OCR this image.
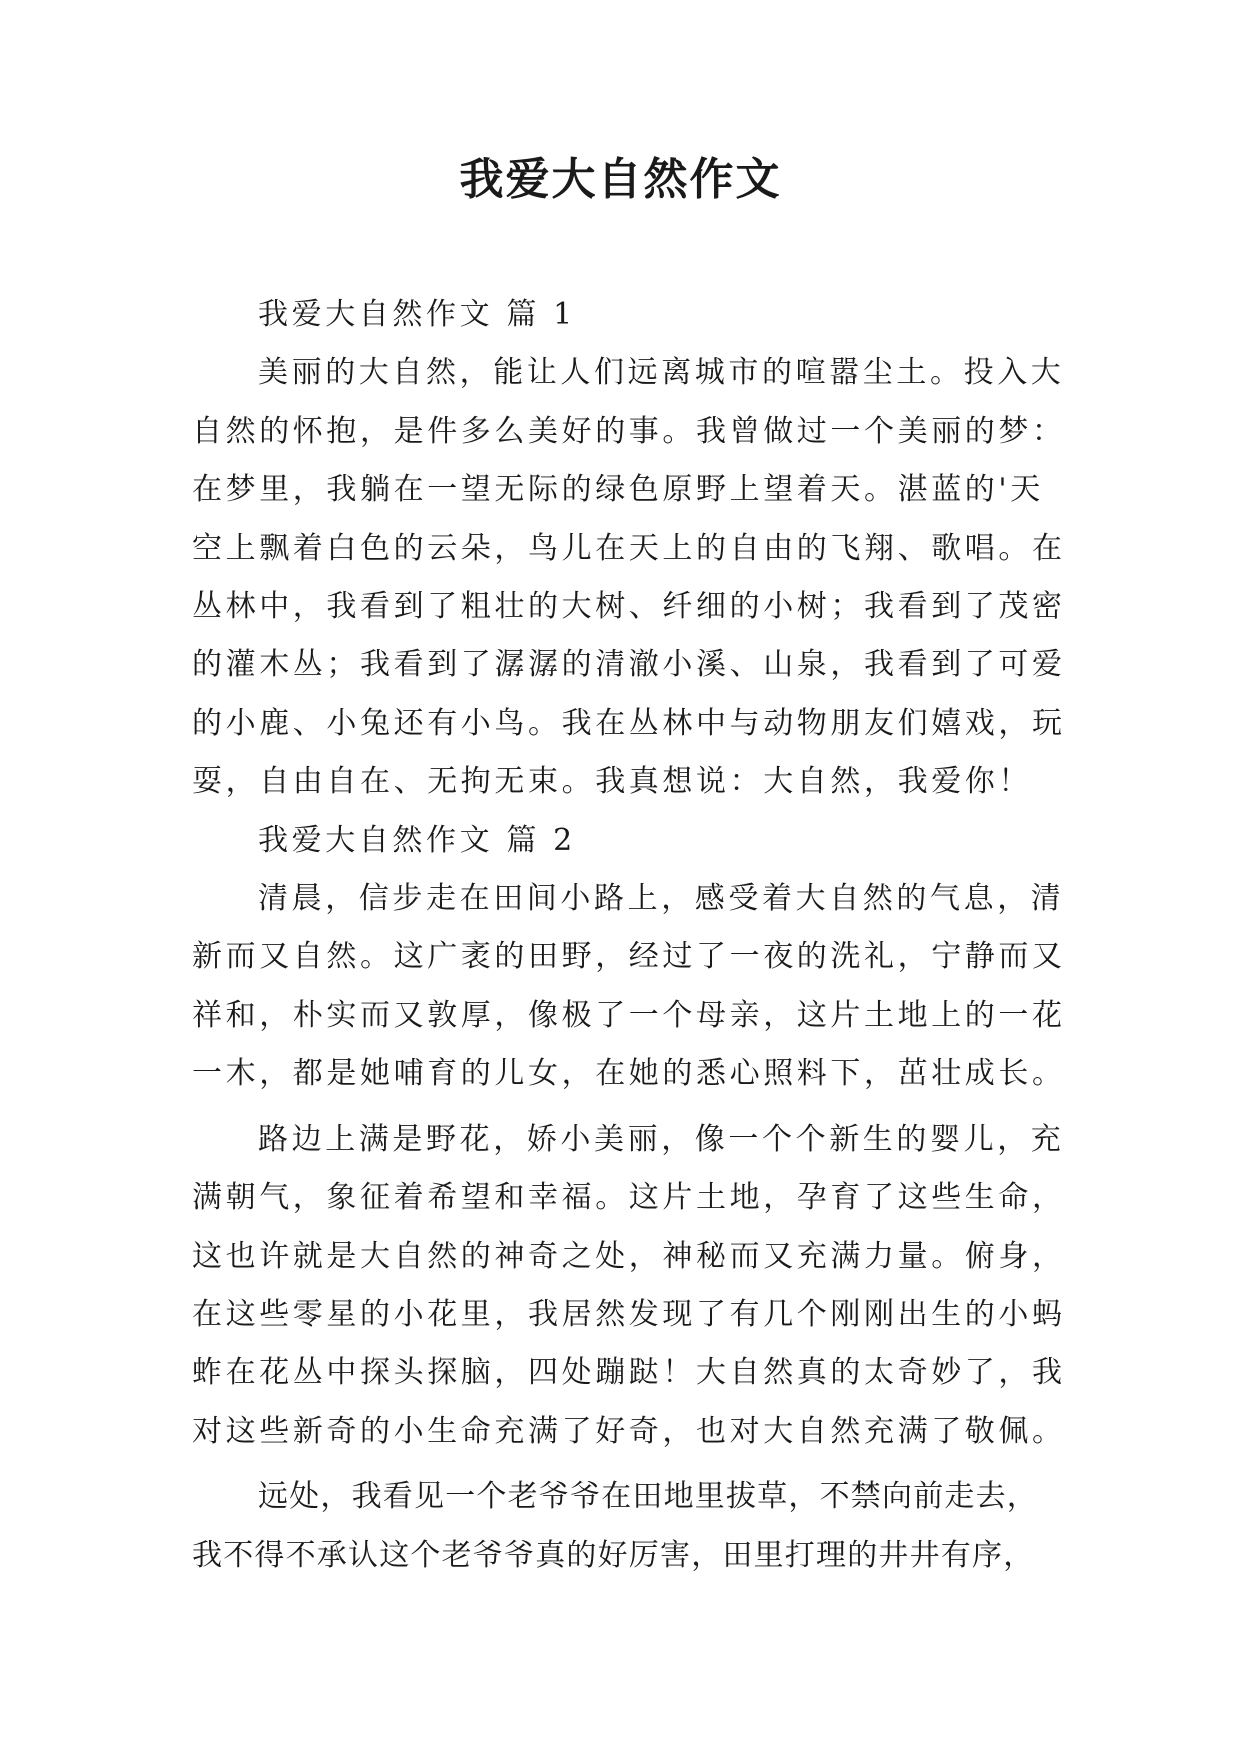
我爱大自然作文
我爱大自然作文 篇 1
美丽的大自然，能让人们远离城市的喧嚣尘土。投入大
自然的怀抱，是件多么美好的事。我曾做过一个美丽的梦：
在梦里，我躺在一望无际的绿色原野上望着天。湛蓝的'天
空上飘着白色的云朵，鸟儿在天上的自由的飞翔、歌唱。在
丛林中，我看到了粗壮的大树、纤细的小树；我看到了茂密
的灌木丛；我看到了潺潺的清澈小溪、山泉，我看到了可爱
的小鹿、小兔还有小鸟。我在丛林中与动物朋友们嬉戏，玩
耍，自由自在、无拘无束。我真想说：大自然，我爱你！
我爱大自然作文 篇 2
清晨，信步走在田间小路上，感受着大自然的气息，清
新而又自然。这广袤的田野，经过了一夜的洗礼，宁静而又
祥和，朴实而又敦厚，像极了一个母亲，这片土地上的一花
一木，都是她哺育的儿女，在她的悉心照料下，茁壮成长。
路边上满是野花，娇小美丽，像一个个新生的婴儿，充
满朝气，象征着希望和幸福。这片土地，孕育了这些生命，
这也许就是大自然的神奇之处，神秘而又充满力量。俯身，
在这些零星的小花里，我居然发现了有几个刚刚出生的小蚂
蚱在花丛中探头探脑，四处蹦跶！大自然真的太奇妙了，我
对这些新奇的小生命充满了好奇，也对大自然充满了敬佩。
远处，我看见一个老爷爷在田地里拔草，不禁向前走去，
我不得不承认这个老爷爷真的好厉害，田里打理的井井有序，
